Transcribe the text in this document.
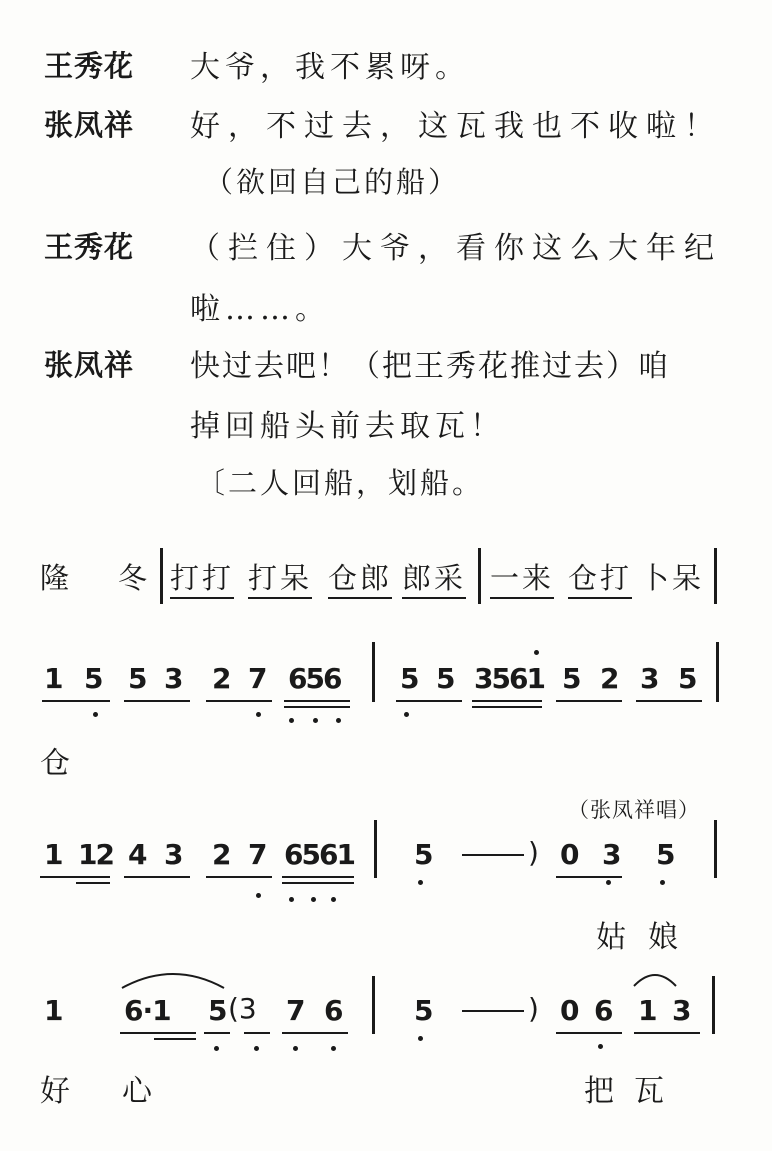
王秀花 大爷，我不累呀。
张凤祥 好，不过去，这瓦我也不收啦！
（欲回自己的船）
王秀花 （拦住）大爷，看你这么大年纪
啦……。
张凤祥 快过去吧！（把王秀花推过去）咱
掉回船头前去取瓦！
〔二人回船，划船。
隆 冬 打打 打呆 仓郎 郎采 一来 仓打 卜呆
1 5 5 3 2 7 656 5 5 3561 5 2 3 5
仓
（张凤祥唱）
1 12 4 3 2 7 6561 5	) 0 3 5
姑 娘
1 6·1 5 (3 7 6	5	) 0 6 1 3
好 心	把 瓦
